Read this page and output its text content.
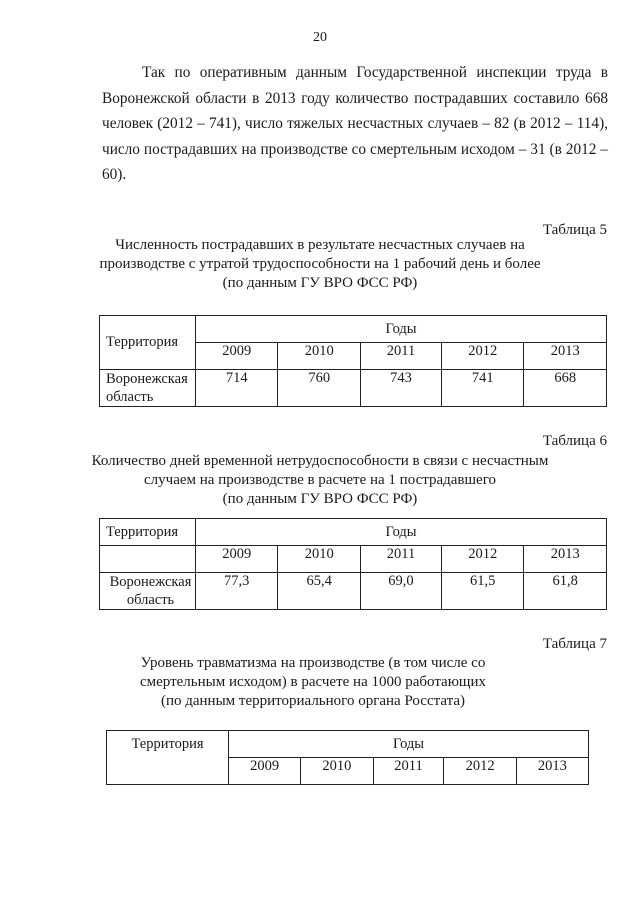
20
Так по оперативным данным Государственной инспекции труда в Воронежской области в 2013 году количество пострадавших составило 668 человек (2012 – 741), число тяжелых несчастных случаев – 82 (в 2012 – 114), число пострадавших на производстве со смертельным исходом – 31 (в 2012 – 60).
Таблица 5
Численность пострадавших в результате несчастных случаев на
производстве с утратой трудоспособности на 1 рабочий день и более
(по данным ГУ ВРО ФСС РФ)
Территория	Годы				
	2009	2010	2011	2012	2013
Воронежская область	714	760	743	741	668
Таблица 6
Количество дней временной нетрудоспособности в связи с несчастным
случаем на производстве в расчете на 1 пострадавшего
(по данным ГУ ВРО ФСС РФ)
Территория	Годы				
	2009	2010	2011	2012	2013
Воронежская область	77,3	65,4	69,0	61,5	61,8
Таблица 7
Уровень травматизма на производстве (в том числе со
смертельным исходом) в расчете на 1000 работающих
(по данным территориального органа Росстата)
Территория	Годы				
	2009	2010	2011	2012	2013
